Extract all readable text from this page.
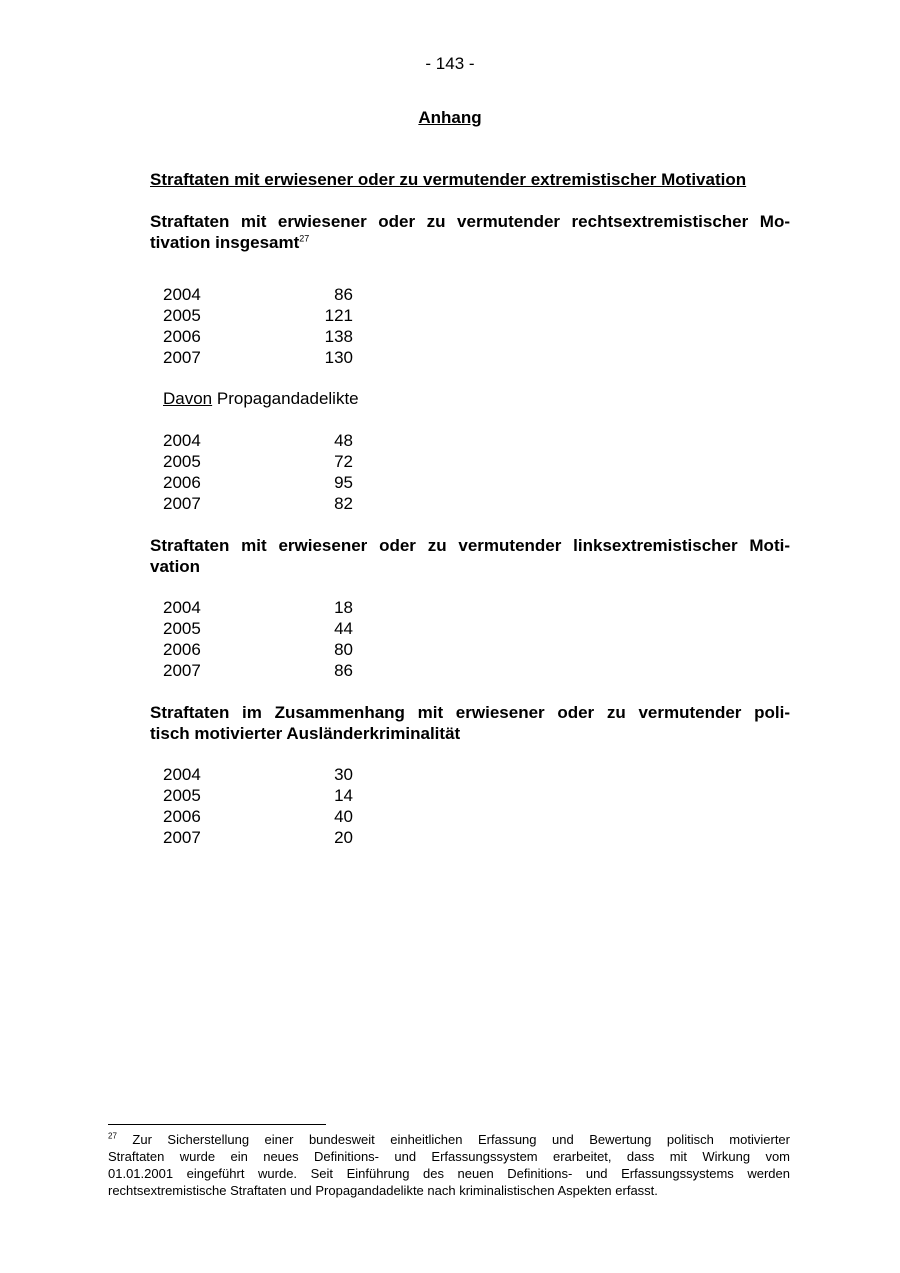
- 143 -
Anhang
Straftaten mit erwiesener oder zu vermutender extremistischer Motivation
Straftaten mit erwiesener oder zu vermutender rechtsextremistischer Mo-
tivation insgesamt$^{27}$
2004	86
2005	121
2006	138
2007	130
Davon Propagandadelikte
2004	48
2005	72
2006	95
2007	82
Straftaten mit erwiesener oder zu vermutender linksextremistischer Moti-
vation
2004	18
2005	44
2006	80
2007	86
Straftaten im Zusammenhang mit erwiesener oder zu vermutender poli-
tisch motivierter Ausländerkriminalität
2004	30
2005	14
2006	40
2007	20
$^{27}$ Zur Sicherstellung einer bundesweit einheitlichen Erfassung und Bewertung politisch motivierter
Straftaten wurde ein neues Definitions- und Erfassungssystem erarbeitet, dass mit Wirkung vom
01.01.2001 eingeführt wurde. Seit Einführung des neuen Definitions- und Erfassungssystems werden
rechtsextremistische Straftaten und Propagandadelikte nach kriminalistischen Aspekten erfasst.
